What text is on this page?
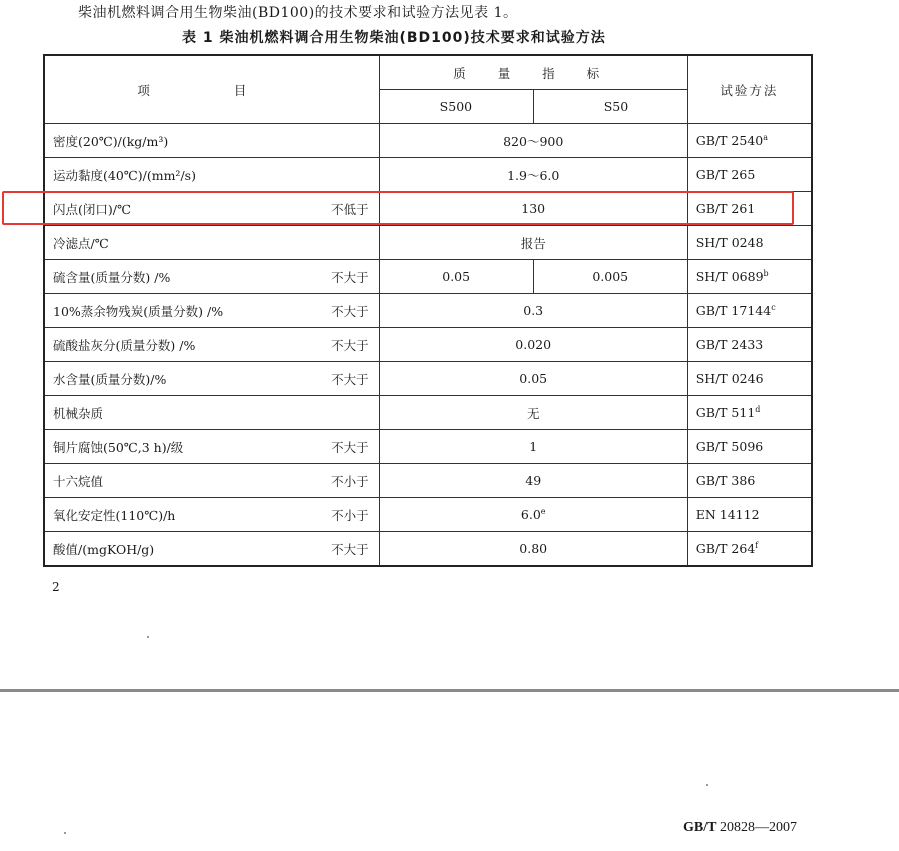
柴油机燃料调合用生物柴油(BD100)的技术要求和试验方法见表 1。
表 1 柴油机燃料调合用生物柴油(BD100)技术要求和试验方法
项 目	质 量 指 标		试验方法
	S500	S50	
密度(20℃)/(kg/m³)	820～900		GB/T 2540$^a$
运动黏度(40℃)/(mm²/s)	1.9～6.0		GB/T 265
闪点(闭口)/℃ 不低于	130		GB/T 261
冷滤点/℃	报告		SH/T 0248
硫含量(质量分数) /% 不大于	0.05	0.005	SH/T 0689$^b$
10%蒸余物残炭(质量分数) /% 不大于	0.3		GB/T 17144$^c$
硫酸盐灰分(质量分数) /% 不大于	0.020		GB/T 2433
水含量(质量分数)/% 不大于	0.05		SH/T 0246
机械杂质	无		GB/T 511$^d$
铜片腐蚀(50℃,3 h)/级 不大于	1		GB/T 5096
十六烷值 不小于	49		GB/T 386
氧化安定性(110℃)/h 不小于	6.0e		EN 14112
酸值/(mgKOH/g) 不大于	0.80		GB/T 264$^f$
2
GB/T 20828—2007
